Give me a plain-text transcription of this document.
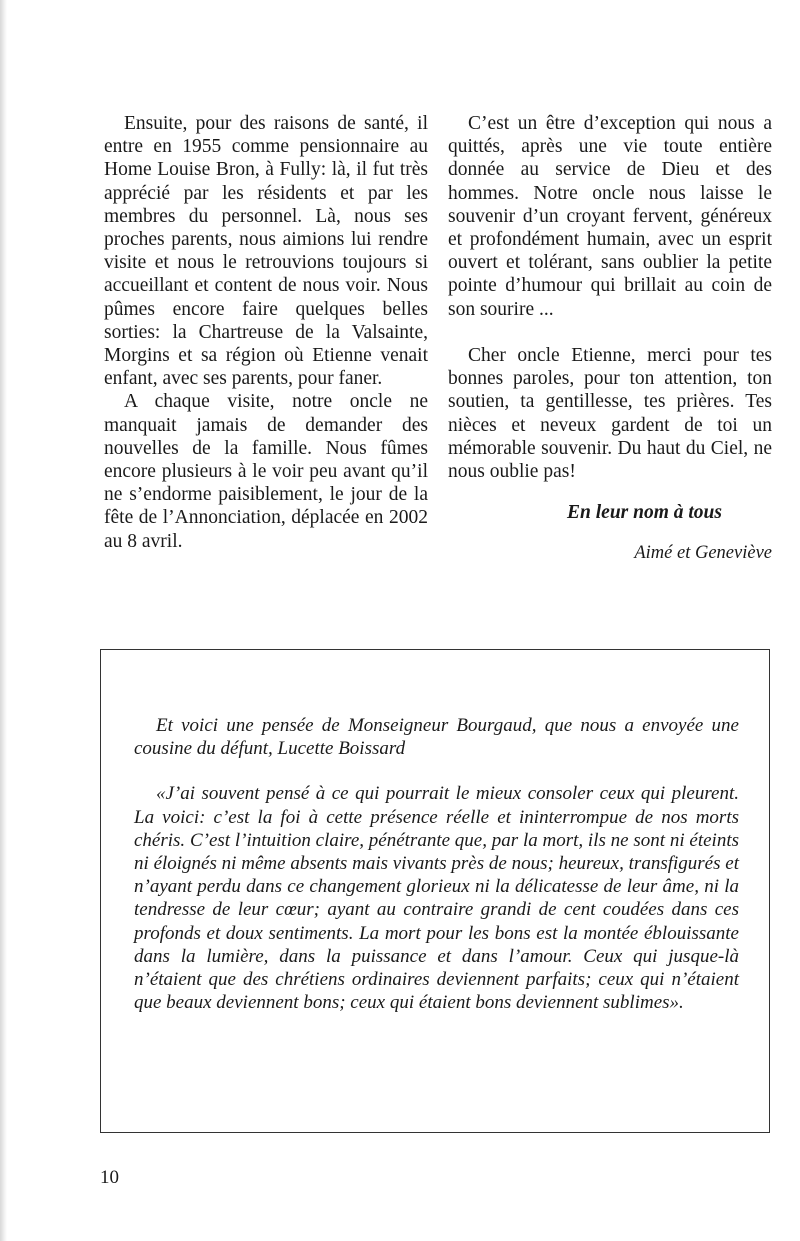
Ensuite, pour des raisons de santé, il entre en 1955 comme pensionnaire au Home Louise Bron, à Fully: là, il fut très apprécié par les résidents et par les membres du personnel. Là, nous ses proches parents, nous aimions lui rendre visite et nous le retrouvions toujours si accueillant et content de nous voir. Nous pûmes encore faire quelques belles sorties: la Chartreuse de la Valsainte, Morgins et sa région où Etienne venait enfant, avec ses parents, pour faner.

A chaque visite, notre oncle ne manquait jamais de demander des nouvelles de la famille. Nous fûmes encore plusieurs à le voir peu avant qu’il ne s’endorme paisiblement, le jour de la fête de l’Annonciation, déplacée en 2002 au 8 avril.

C’est un être d’exception qui nous a quittés, après une vie toute entière donnée au service de Dieu et des hommes. Notre oncle nous laisse le souvenir d’un croyant fervent, généreux et profondément humain, avec un esprit ouvert et tolérant, sans oublier la petite pointe d’humour qui brillait au coin de son sourire ...

Cher oncle Etienne, merci pour tes bonnes paroles, pour ton attention, ton soutien, ta gentillesse, tes prières. Tes nièces et neveux gardent de toi un mémorable souvenir. Du haut du Ciel, ne nous oublie pas!

En leur nom à tous
Aimé et Geneviève

Et voici une pensée de Monseigneur Bourgaud, que nous a envoyée une cousine du défunt, Lucette Boissard

«J’ai souvent pensé à ce qui pourrait le mieux consoler ceux qui pleurent. La voici: c’est la foi à cette présence réelle et ininterrompue de nos morts chéris. C’est l’intuition claire, pénétrante que, par la mort, ils ne sont ni éteints ni éloignés ni même absents mais vivants près de nous; heureux, transfigurés et n’ayant perdu dans ce changement glorieux ni la délicatesse de leur âme, ni la tendresse de leur cœur; ayant au contraire grandi de cent coudées dans ces profonds et doux sentiments. La mort pour les bons est la montée éblouissante dans la lumière, dans la puissance et dans l’amour. Ceux qui jusque-là n’étaient que des chrétiens ordinaires deviennent parfaits; ceux qui n’étaient que beaux deviennent bons; ceux qui étaient bons deviennent sublimes».

10
